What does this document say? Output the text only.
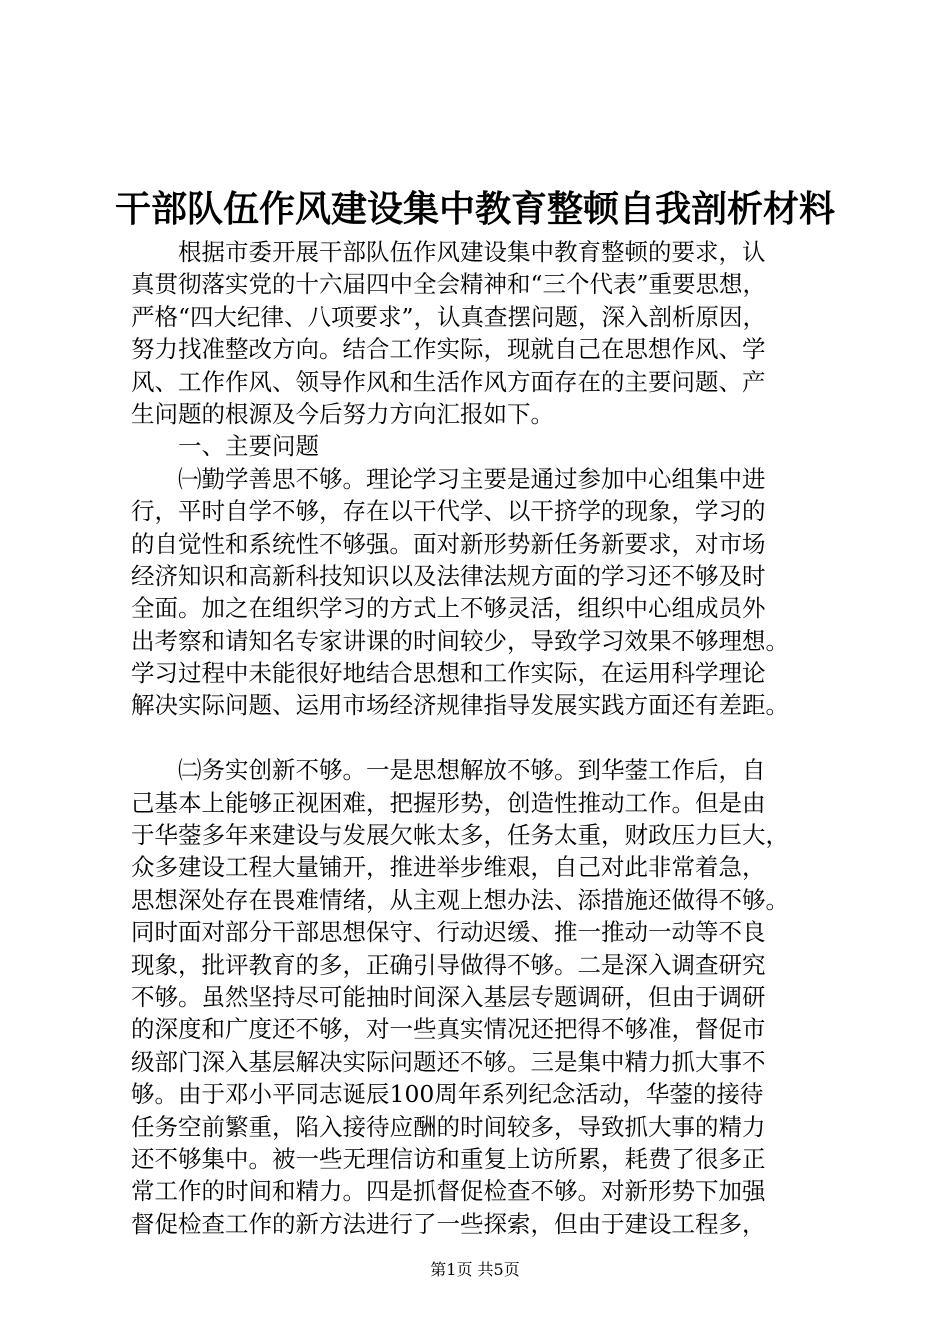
干部队伍作风建设集中教育整顿自我剖析材料
　　根据市委开展干部队伍作风建设集中教育整顿的要求，认
真贯彻落实党的十六届四中全会精神和“三个代表”重要思想，
严格“四大纪律、八项要求”，认真查摆问题，深入剖析原因，
努力找准整改方向。结合工作实际，现就自己在思想作风、学
风、工作作风、领导作风和生活作风方面存在的主要问题、产
生问题的根源及今后努力方向汇报如下。
　　一、主要问题
　　㈠勤学善思不够。理论学习主要是通过参加中心组集中进
行，平时自学不够，存在以干代学、以干挤学的现象，学习的
的自觉性和系统性不够强。面对新形势新任务新要求，对市场
经济知识和高新科技知识以及法律法规方面的学习还不够及时
全面。加之在组织学习的方式上不够灵活，组织中心组成员外
出考察和请知名专家讲课的时间较少，导致学习效果不够理想。
学习过程中未能很好地结合思想和工作实际，在运用科学理论
解决实际问题、运用市场经济规律指导发展实践方面还有差距。
　　㈡务实创新不够。一是思想解放不够。到华蓥工作后，自
己基本上能够正视困难，把握形势，创造性推动工作。但是由
于华蓥多年来建设与发展欠帐太多，任务太重，财政压力巨大，
众多建设工程大量铺开，推进举步维艰，自己对此非常着急，
思想深处存在畏难情绪，从主观上想办法、添措施还做得不够。
同时面对部分干部思想保守、行动迟缓、推一推动一动等不良
现象，批评教育的多，正确引导做得不够。二是深入调查研究
不够。虽然坚持尽可能抽时间深入基层专题调研，但由于调研
的深度和广度还不够，对一些真实情况还把得不够准，督促市
级部门深入基层解决实际问题还不够。三是集中精力抓大事不
够。由于邓小平同志诞辰100周年系列纪念活动，华蓥的接待
任务空前繁重，陷入接待应酬的时间较多，导致抓大事的精力
还不够集中。被一些无理信访和重复上访所累，耗费了很多正
常工作的时间和精力。四是抓督促检查不够。对新形势下加强
督促检查工作的新方法进行了一些探索，但由于建设工程多，
第1页 共5页
